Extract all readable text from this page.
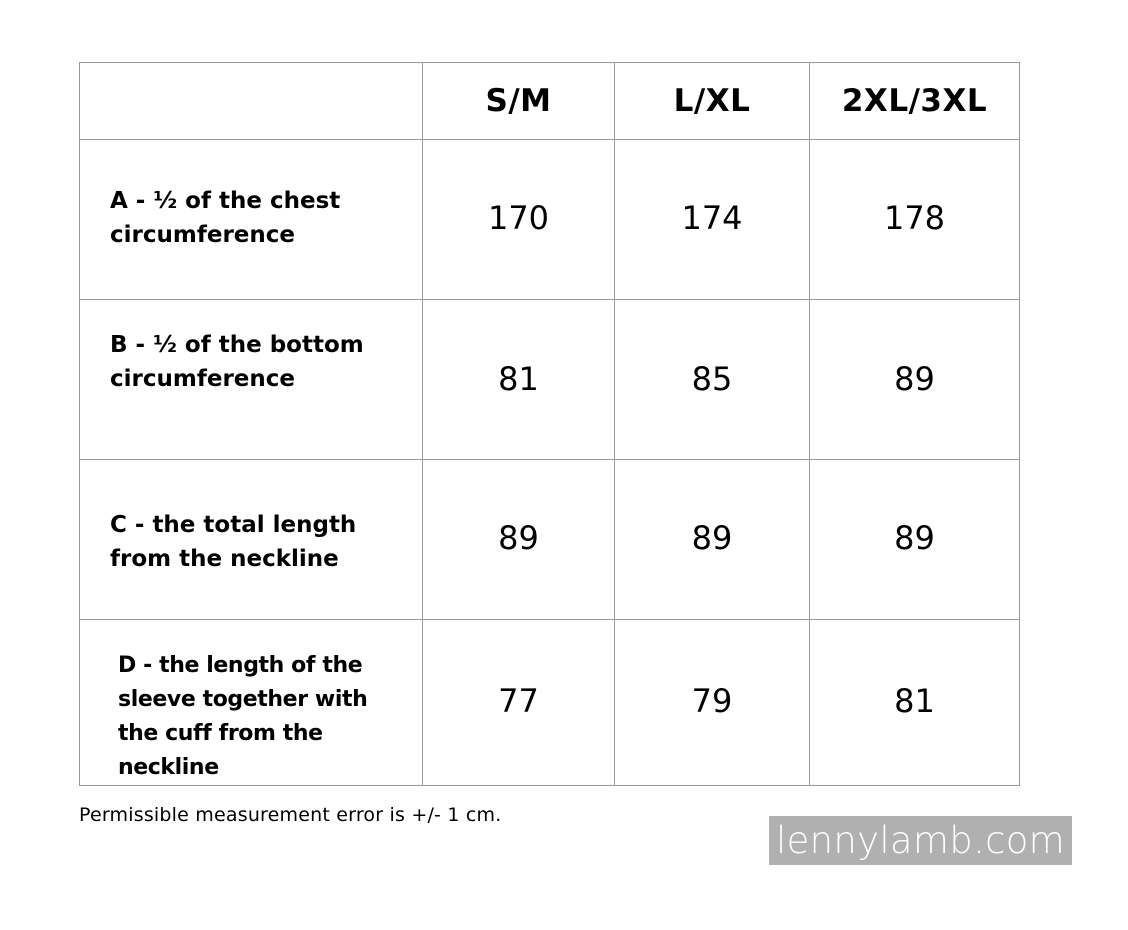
	S/M	L/XL	2XL/3XL

A - ½ of the chest
circumference	170	174	178

B - ½ of the bottom
circumference	81	85	89

C - the total length
from the neckline	89	89	89

D - the length of the
sleeve together with
the cuff from the neckline	77	79	81
Permissible measurement error is +/- 1 cm.
lennylamb.com
